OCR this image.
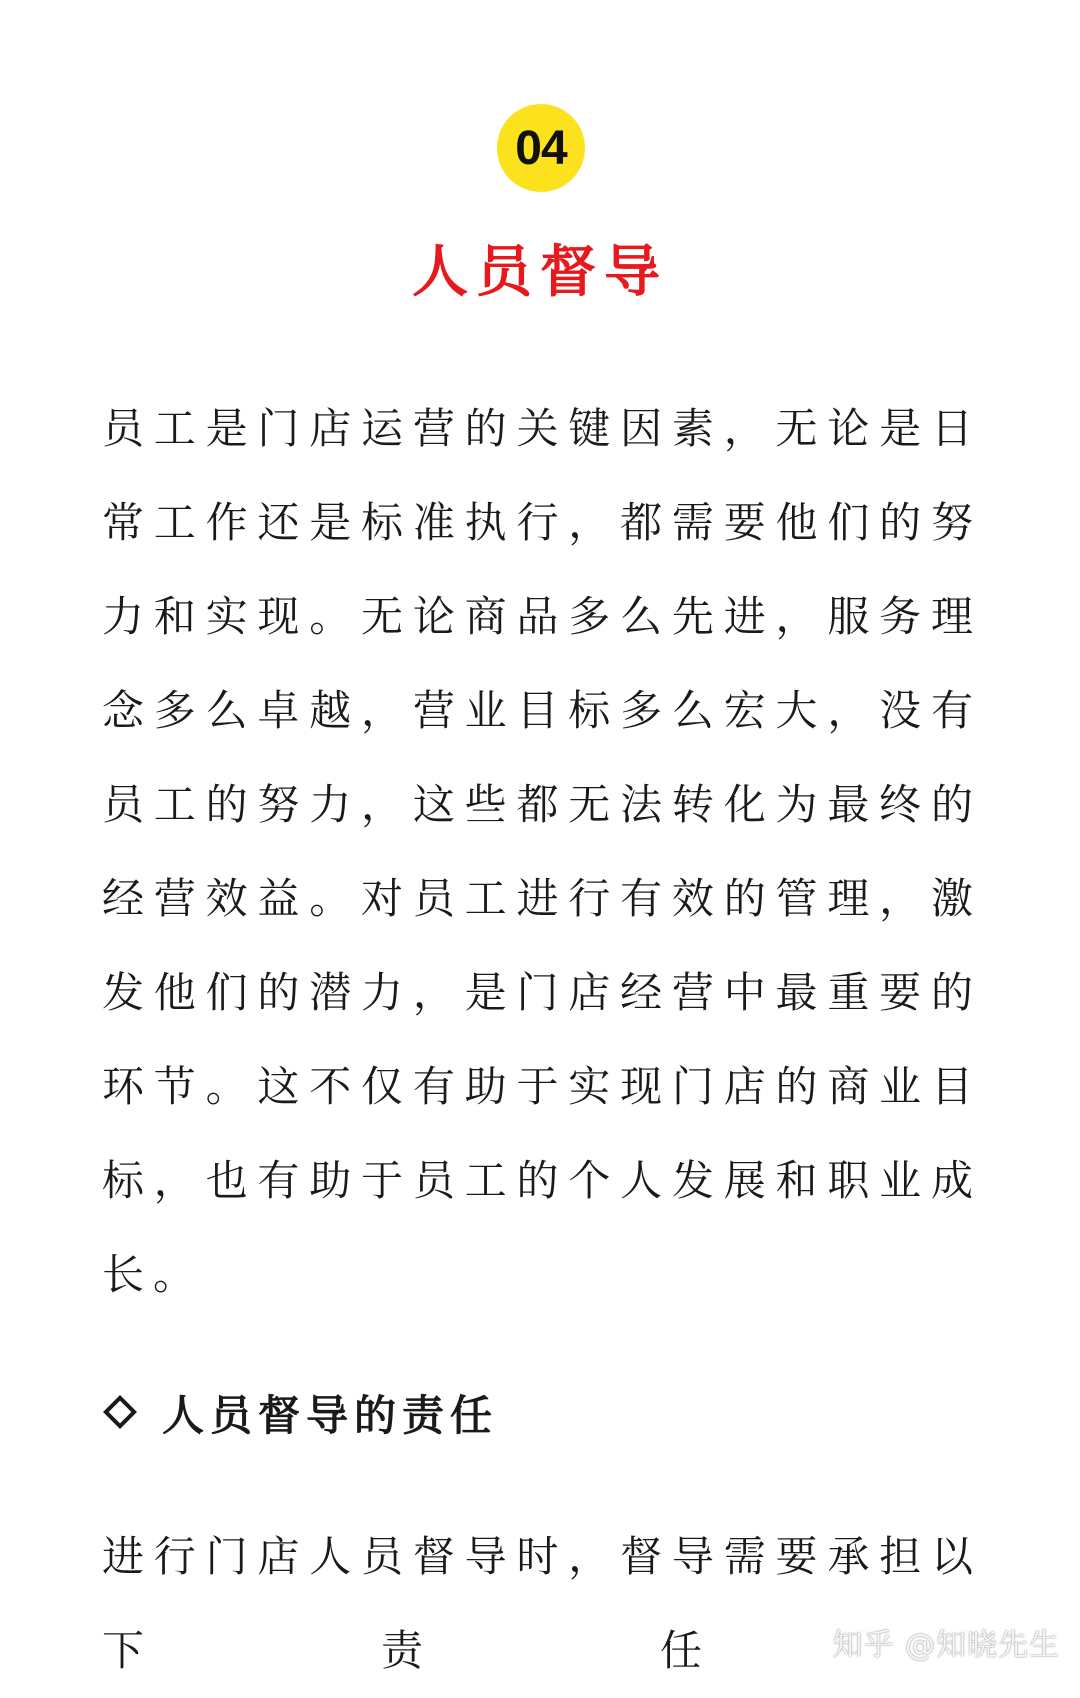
04
人员督导
员工是门店运营的关键因素，无论是日
常工作还是标准执行，都需要他们的努
力和实现。无论商品多么先进，服务理
念多么卓越，营业目标多么宏大，没有
员工的努力，这些都无法转化为最终的
经营效益。对员工进行有效的管理，激
发他们的潜力，是门店经营中最重要的
环节。这不仅有助于实现门店的商业目
标，也有助于员工的个人发展和职业成
长。
人员督导的责任
进行门店人员督导时，督导需要承担以
下责任	知乎 @知晓先生
